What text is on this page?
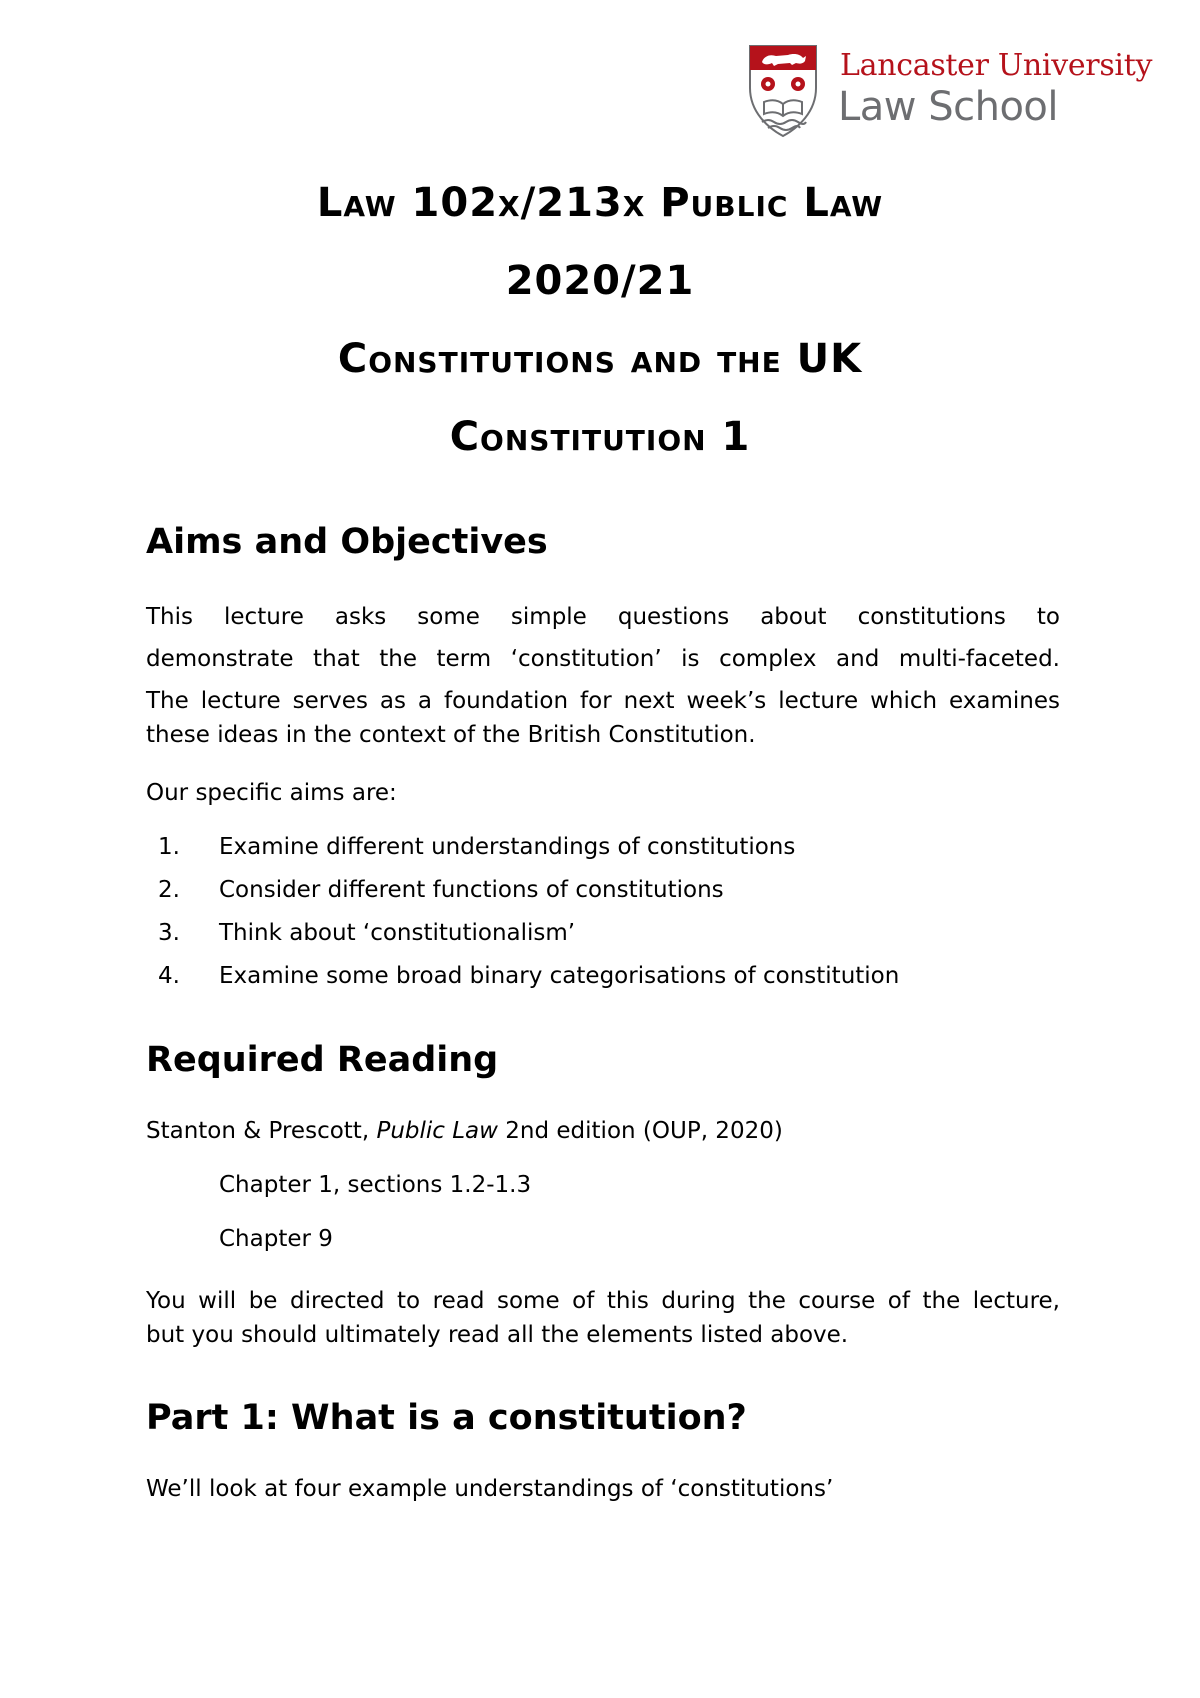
Lancaster University
Law School
Law 102x/213x Public Law
2020/21
Constitutions and the UK
Constitution 1
Aims and Objectives
This lecture asks some simple questions about constitutions to
demonstrate that the term ‘constitution’ is complex and multi-faceted.
The lecture serves as a foundation for next week’s lecture which examines
these ideas in the context of the British Constitution.
Our specific aims are:
1. Examine different understandings of constitutions
2. Consider different functions of constitutions
3. Think about ‘constitutionalism’
4. Examine some broad binary categorisations of constitution
Required Reading
Stanton & Prescott, Public Law 2nd edition (OUP, 2020)
Chapter 1, sections 1.2-1.3
Chapter 9
You will be directed to read some of this during the course of the lecture,
but you should ultimately read all the elements listed above.
Part 1: What is a constitution?
We’ll look at four example understandings of ‘constitutions’
